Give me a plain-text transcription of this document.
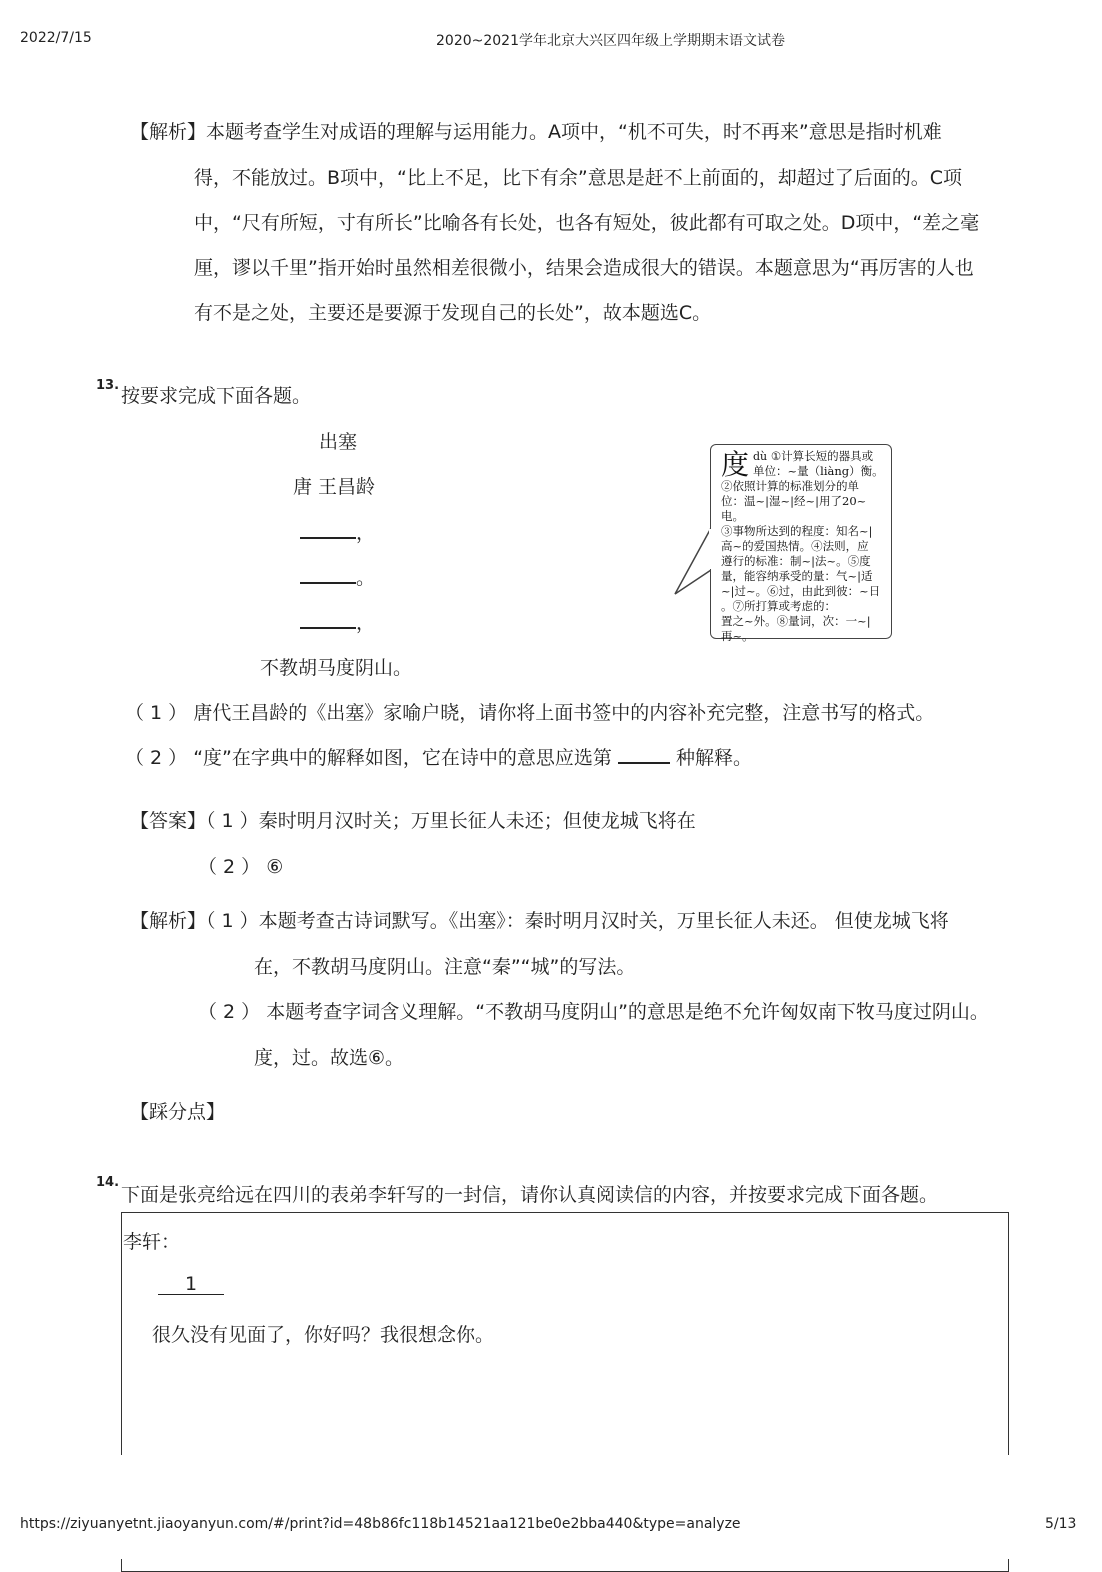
2022/7/15	2020~2021学年北京大兴区四年级上学期期末语文试卷
【解析】本题考查学生对成语的理解与运用能力。A项中，“机不可失，时不再来”意思是指时机难
得，不能放过。B项中，“比上不足，比下有余”意思是赶不上前面的，却超过了后面的。C项
中，“尺有所短，寸有所长”比喻各有长处，也各有短处，彼此都有可取之处。D项中，“差之毫
厘，谬以千里”指开始时虽然相差很微小，结果会造成很大的错误。本题意思为“再厉害的人也
有不是之处，主要还是要源于发现自己的长处”，故本题选C。
13. 按要求完成下面各题。
出塞
唐 王昌龄
，
。
，
不教胡马度阴山。
度dù ①计算长短的器具或
单位：~量（liàng）衡。
②依照计算的标准划分的单
位：温~|湿~|经~|用了20~电。
③事物所达到的程度：知名~|
高~的爱国热情。④法则，应
遵行的标准：制~|法~。⑤度
量，能容纳承受的量：气~|适
~|过~。⑥过，由此到彼：~日
。⑦所打算或考虑的：
置之~外。⑧量词，次：一~|
再~。
（ 1 ） 唐代王昌龄的《出塞》家喻户晓，请你将上面书签中的内容补充完整，注意书写的格式。
（ 2 ） “度”在字典中的解释如图，它在诗中的意思应选第	种解释。
【答案】（ 1 ）秦时明月汉时关；万里长征人未还；但使龙城飞将在
（ 2 ） ⑥
【解析】（ 1 ）本题考查古诗词默写。《出塞》：秦时明月汉时关，万里长征人未还。 但使龙城飞将
在，不教胡马度阴山。注意“秦”“城”的写法。
（ 2 ） 本题考查字词含义理解。“不教胡马度阴山”的意思是绝不允许匈奴南下牧马度过阴山。
度，过。故选⑥。
【踩分点】
14.
下面是张亮给远在四川的表弟李轩写的一封信，请你认真阅读信的内容，并按要求完成下面各题。
李轩：
1
很久没有见面了，你好吗？我很想念你。
https://ziyuanyetnt.jiaoyanyun.com/#/print?id=48b86fc118b14521aa121be0e2bba440&type=analyze	5/13
